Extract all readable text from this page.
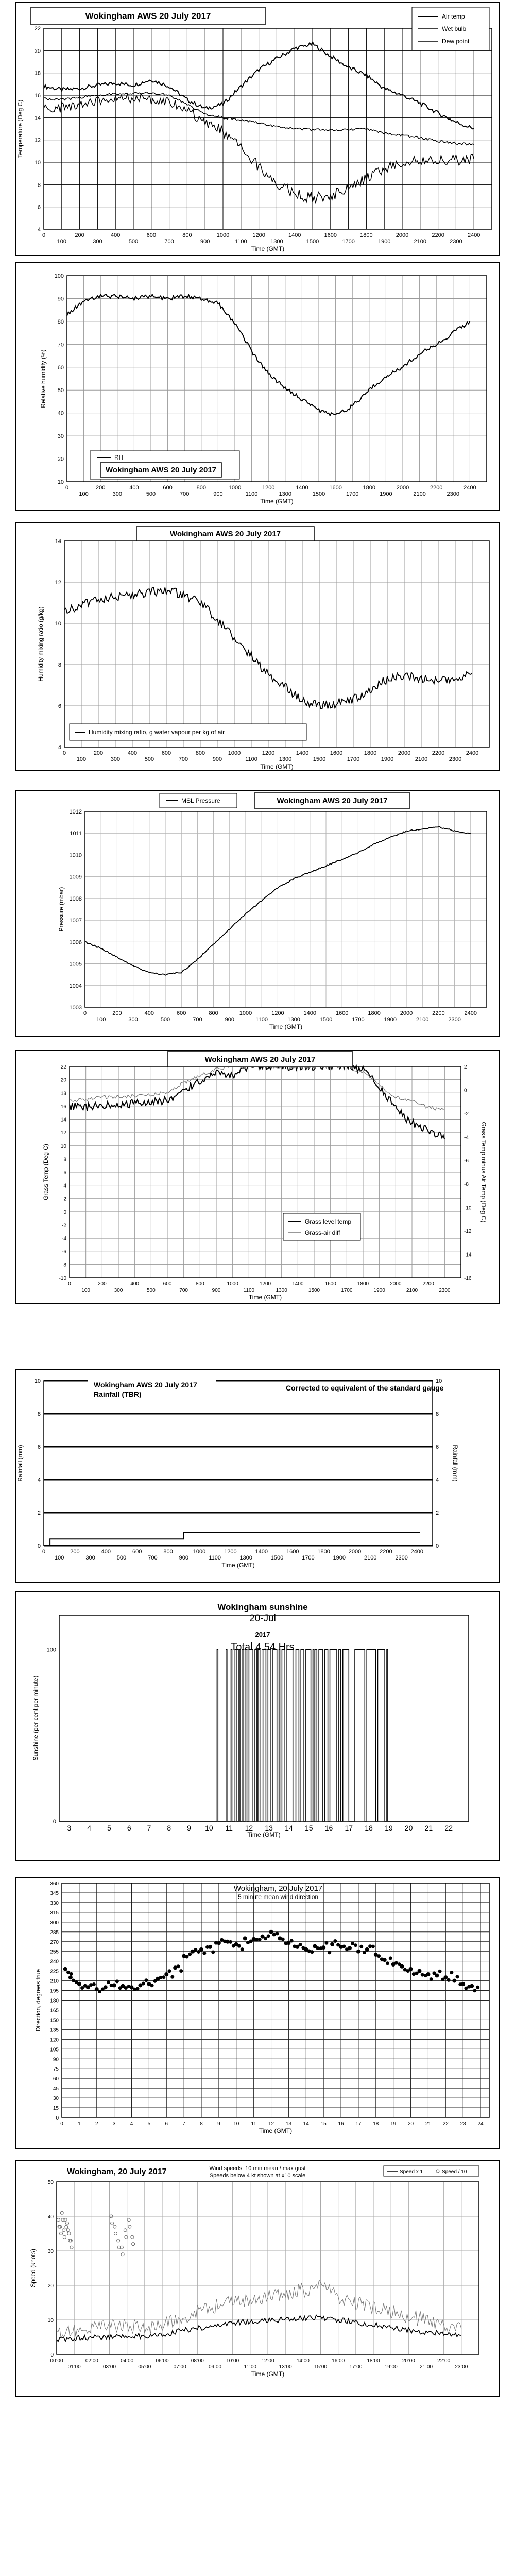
4
6
8
10
12
14
16
18
20
22
0
100
200
300
400
500
600
700
800
900
1000
1100
1200
1300
1400
1500
1600
1700
1800
1900
2000
2100
2200
2300
2400
Time (GMT)
Temperature (Deg C)
Wokingham AWS 20 July 2017	Air temp
Wet bulb
Dew point
10
20
30
40
50
60
70
80
90
100
0
100
200
300
400
500
600
700
800
900
1000
1100
1200
1300
1400
1500
1600
1700
1800
1900
2000
2100
2200
2300
2400
Time (GMT)
Relative humidity (%)
RH
Wokingham AWS 20 July 2017
4
6
8
10
12
14
0
100
200
300
400
500
600
700
800
900
1000
1100
1200
1300
1400
1500
1600
1700
1800
1900
2000
2100
2200
2300
2400
Time (GMT)
Humidity mixing ratio (g/kg)
Wokingham AWS 20 July 2017
Humidity mixing ratio, g water vapour per kg of air
1003
1004
1005
1006
1007
1008
1009
1010
1011
1012
0
100
200
300
400
500
600
700
800
900
1000
1100
1200
1300
1400
1500
1600
1700
1800
1900
2000
2100
2200
2300
2400
Time (GMT)
Pressure (mbar)
MSL Pressure	Wokingham AWS 20 July 2017
-10
-8
-6
-4
-2
0
2
4
6
8
10
12
14
16
18
20
22
0
100
200
300
400
500
600
700
800
900
1000
1100
1200
1300
1400
1500
1600
1700
1800
1900
2000
2100
2200
2300
Time (GMT)
Grass Temp (Deg C)
-16
-14
-12
-10
-8
-6
-4
-2
0
2
Grass Temp minus Air Temp (Deg C)
Wokingham AWS 20 July 2017
Grass level temp
Grass-air diff
0
2
4
6
8
10
0
100
200
300
400
500
600
700
800
900
1000
1100
1200
1300
1400
1500
1600
1700
1800
1900
2000
2100
2200
2300
2400
Time (GMT)
Rainfall (mm)
0
2
4
6
8
10
Rainfall (mm)
Wokingham AWS 20 July 2017
Rainfall (TBR)
Corrected to equivalent of the standard gauge
0
100
Time (GMT)
Sunshine (per cent per minute)
3 4 5 6 7 8 9 10 11 12 13 14 15 16 17 18 19 20 21 22
Wokingham sunshine
20-Jul
2017
Total 4.54 Hrs
0
15
30
45
60
75
90
105
120
135
150
165
180
195
210
225
240
255
270
285
300
315
330
345
360
0	1	2	3	4	5	6	7	8	9	10 11 12 13 14 15 16 17 18 19 20 21 22 23 24
Time (GMT)
Direction, degrees true
Wokingham, 20 July 2017
5 minute mean wind direction
0
10
20
30
40
50
00:00
01:00
02:00
03:00
04:00
05:00
06:00
07:00
08:00
09:00
10:00
11:00
12:00
13:00
14:00
15:00
16:00
17:00
18:00
19:00
20:00
21:00
22:00
23:00
Time (GMT)
Speed (knots)
Wokingham, 20 July 2017	Wind speeds: 10 min mean / max gust
Speeds below 4 kt shown at x10 scale
Speed x 1	Speed / 10
